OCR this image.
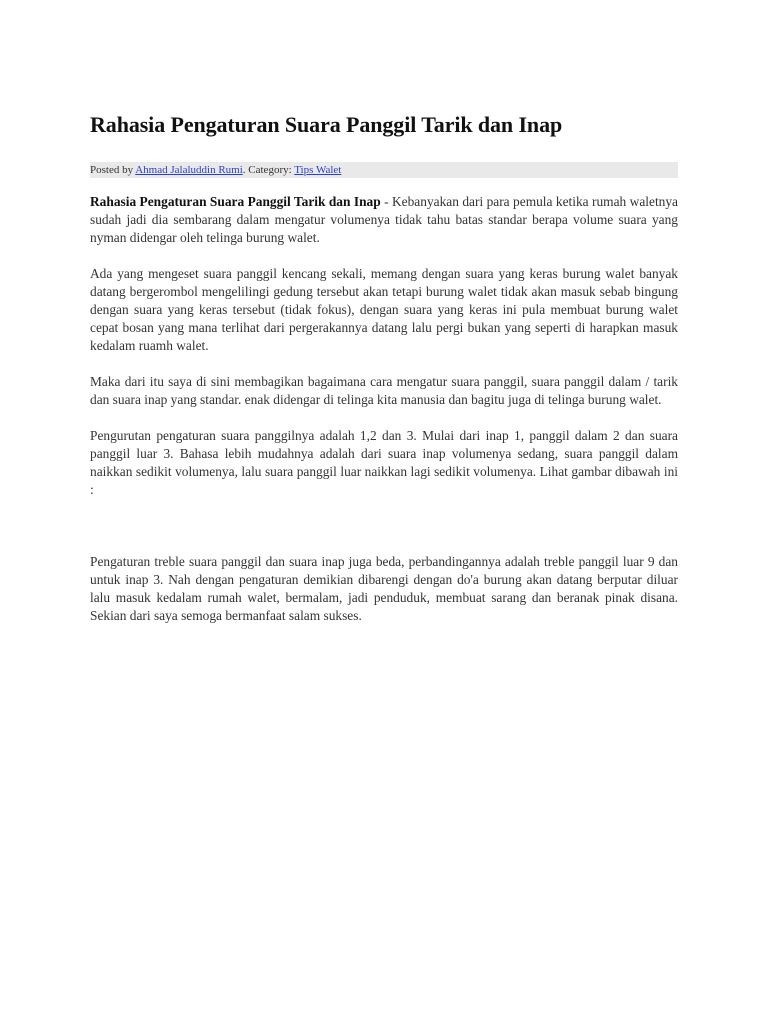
Rahasia Pengaturan Suara Panggil Tarik dan Inap
Posted by Ahmad Jalaluddin Rumi. Category: Tips Walet

Rahasia Pengaturan Suara Panggil Tarik dan Inap - Kebanyakan dari para pemula ketika rumah waletnya sudah jadi dia sembarang dalam mengatur volumenya tidak tahu batas standar berapa volume suara yang nyman didengar oleh telinga burung walet.

Ada yang mengeset suara panggil kencang sekali, memang dengan suara yang keras burung walet banyak datang bergerombol mengelilingi gedung tersebut akan tetapi burung walet tidak akan masuk sebab bingung dengan suara yang keras tersebut (tidak fokus), dengan suara yang keras ini pula membuat burung walet cepat bosan yang mana terlihat dari pergerakannya datang lalu pergi bukan yang seperti di harapkan masuk kedalam ruamh walet.

Maka dari itu saya di sini membagikan bagaimana cara mengatur suara panggil, suara panggil dalam / tarik dan suara inap yang standar. enak didengar di telinga kita manusia dan bagitu juga di telinga burung walet.

Pengurutan pengaturan suara panggilnya adalah 1,2 dan 3. Mulai dari inap 1, panggil dalam 2 dan suara panggil luar 3. Bahasa lebih mudahnya adalah dari suara inap volumenya sedang, suara panggil dalam naikkan sedikit volumenya, lalu suara panggil luar naikkan lagi sedikit volumenya. Lihat gambar dibawah ini :

Pengaturan treble suara panggil dan suara inap juga beda, perbandingannya adalah treble panggil luar 9 dan untuk inap 3. Nah dengan pengaturan demikian dibarengi dengan do'a burung akan datang berputar diluar lalu masuk kedalam rumah walet, bermalam, jadi penduduk, membuat sarang dan beranak pinak disana. Sekian dari saya semoga bermanfaat salam sukses.
